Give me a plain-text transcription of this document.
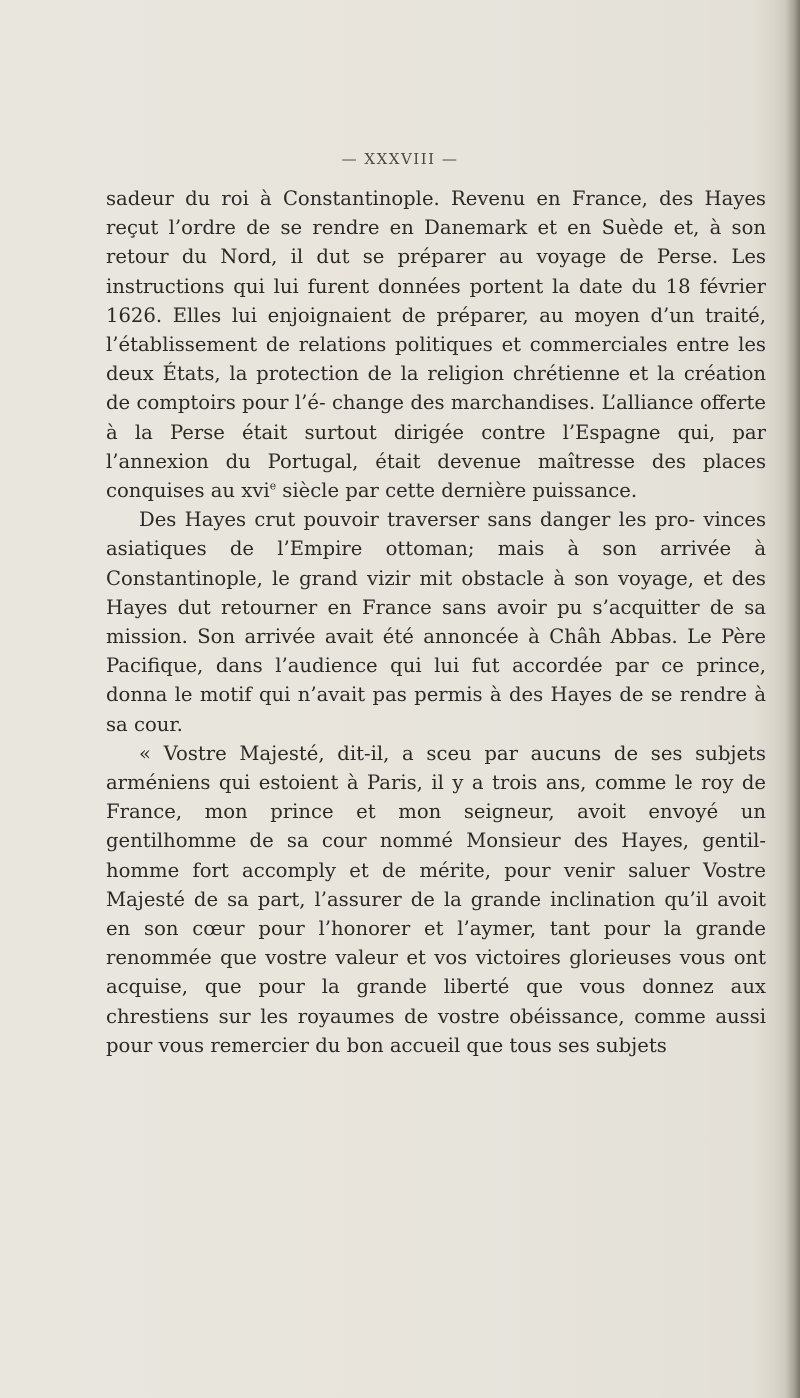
— XXXVIII —

sadeur du roi à Constantinople. Revenu en France, des Hayes reçut l’ordre de se rendre en Danemark et en Suède et, à son retour du Nord, il dut se préparer au voyage de Perse. Les instructions qui lui furent données portent la date du 18 février 1626. Elles lui enjoignaient de préparer, au moyen d’un traité, l’établissement de relations politiques et commerciales entre les deux États, la protection de la religion chrétienne et la création de comptoirs pour l’é- change des marchandises. L’alliance offerte à la Perse était surtout dirigée contre l’Espagne qui, par l’annexion du Portugal, était devenue maîtresse des places conquises au xvi$^e$ siècle par cette dernière puissance.

Des Hayes crut pouvoir traverser sans danger les pro- vinces asiatiques de l’Empire ottoman; mais à son arrivée à Constantinople, le grand vizir mit obstacle à son voyage, et des Hayes dut retourner en France sans avoir pu s’acquitter de sa mission. Son arrivée avait été annoncée à Châh Abbas. Le Père Pacifique, dans l’audience qui lui fut accordée par ce prince, donna le motif qui n’avait pas permis à des Hayes de se rendre à sa cour.

« Vostre Majesté, dit-il, a sceu par aucuns de ses subjets arméniens qui estoient à Paris, il y a trois ans, comme le roy de France, mon prince et mon seigneur, avoit envoyé un gentilhomme de sa cour nommé Monsieur des Hayes, gentil- homme fort accomply et de mérite, pour venir saluer Vostre Majesté de sa part, l’assurer de la grande inclination qu’il avoit en son cœur pour l’honorer et l’aymer, tant pour la grande renommée que vostre valeur et vos victoires glorieuses vous ont acquise, que pour la grande liberté que vous donnez aux chrestiens sur les royaumes de vostre obéissance, comme aussi pour vous remercier du bon accueil que tous ses subjets
